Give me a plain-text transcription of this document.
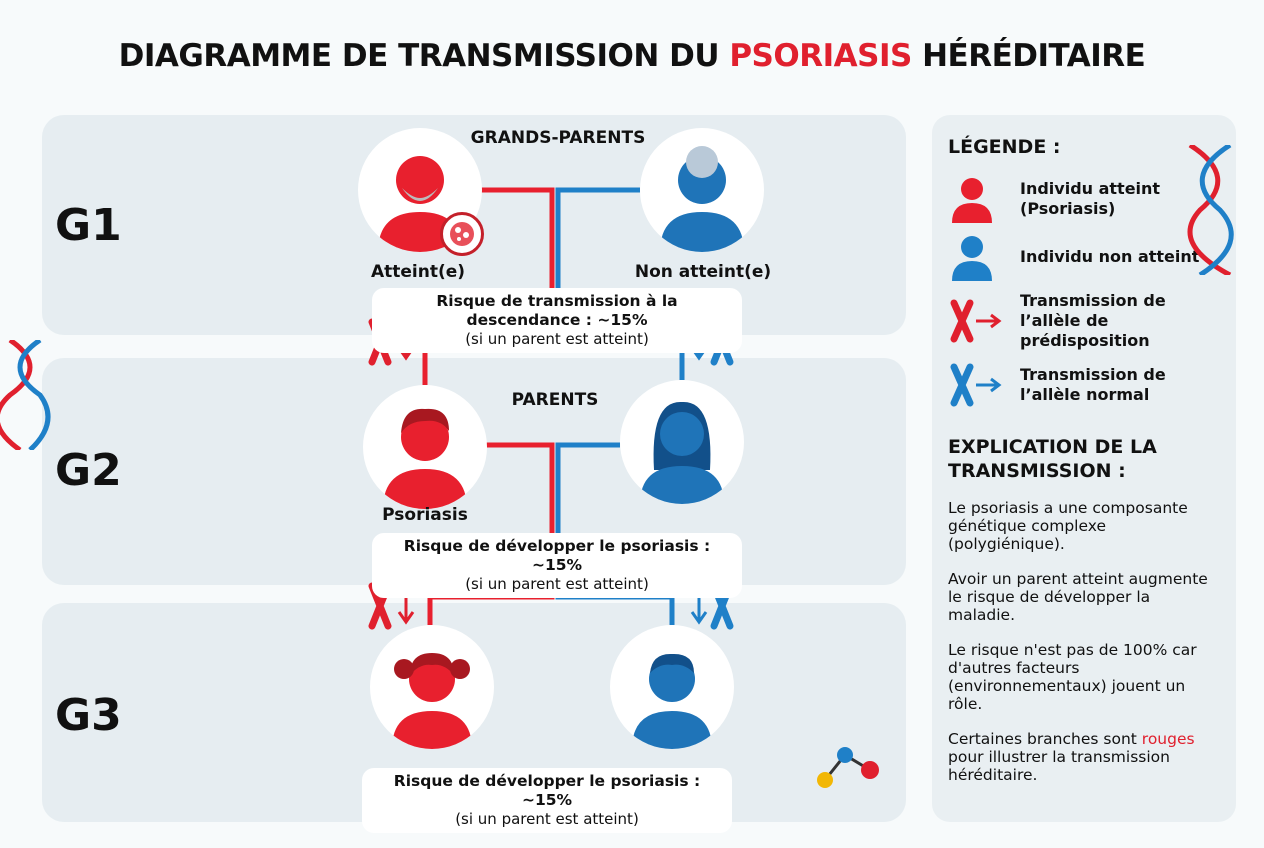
DIAGRAMME DE TRANSMISSION DU PSORIASIS HÉRÉDITAIRE
G1
G2
G3
GRANDS-PARENTS
Atteint(e)	Non atteint(e)
PARENTS
Psoriasis
Risque de transmission à la descendance : ~15%
(si un parent est atteint)
Risque de développer le psoriasis : ~15%
(si un parent est atteint)
Risque de développer le psoriasis : ~15%
(si un parent est atteint)
LÉGENDE :
Individu atteint (Psoriasis)
Individu non atteint
Transmission de l’allèle de prédisposition
Transmission de l’allèle normal
EXPLICATION DE LA TRANSMISSION :

Le psoriasis a une composante génétique complexe (polygiénique).

Avoir un parent atteint augmente le risque de développer la maladie.

Le risque n'est pas de 100% car d'autres facteurs (environnementaux) jouent un rôle.

Certaines branches sont rouges pour illustrer la transmission héréditaire.
